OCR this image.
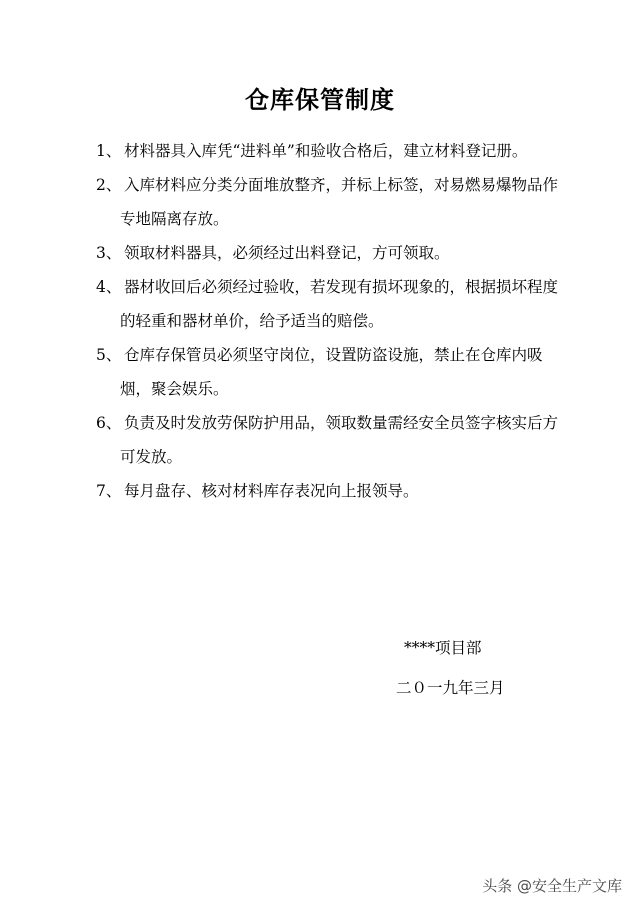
仓库保管制度
1、 材料器具入库凭“进料单”和验收合格后，建立材料登记册。
2、 入库材料应分类分面堆放整齐，并标上标签，对易燃易爆物品作专地隔离存放。
3、 领取材料器具，必须经过出料登记，方可领取。
4、 器材收回后必须经过验收，若发现有损坏现象的，根据损坏程度的轻重和器材单价，给予适当的赔偿。
5、 仓库存保管员必须坚守岗位，设置防盗设施，禁止在仓库内吸烟，聚会娱乐。
6、 负责及时发放劳保防护用品，领取数量需经安全员签字核实后方可发放。
7、 每月盘存、核对材料库存表况向上报领导。
****项目部
二０一九年三月
头条 @安全生产文库
